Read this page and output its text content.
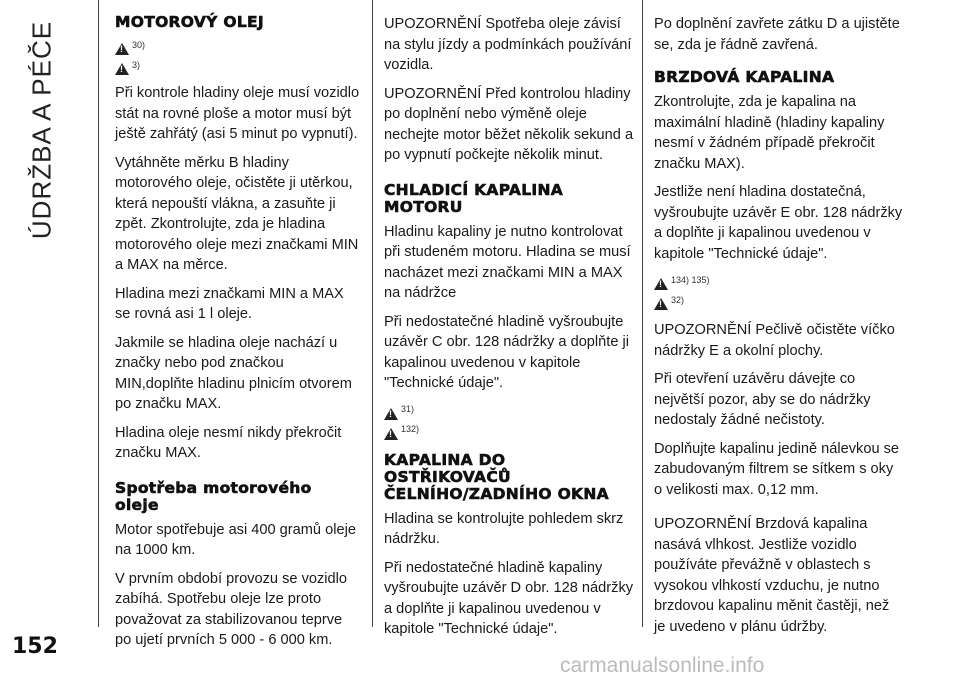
ÚDRŽBA A PÉČE	MOTOROVÝ OLEJ
!
30)
!
3)

Při kontrole hladiny oleje musí vozidlo stát na rovné ploše a motor musí být ještě zahřátý (asi 5 minut po vypnutí).

Vytáhněte měrku B hladiny motorového oleje, očistěte ji utěrkou, která nepouští vlákna, a zasuňte ji zpět. Zkontrolujte, zda je hladina motorového oleje mezi značkami MIN a MAX na měrce.

Hladina mezi značkami MIN a MAX se rovná asi 1 l oleje.

Jakmile se hladina oleje nachází u značky nebo pod značkou MIN,doplňte hladinu plnicím otvorem po značku MAX.

Hladina oleje nesmí nikdy překročit značku MAX.

Spotřeba motorového oleje

Motor spotřebuje asi 400 gramů oleje na 1000 km.

V prvním období provozu se vozidlo zabíhá. Spotřebu oleje lze proto považovat za stabilizovanou teprve po ujetí prvních 5 000 - 6 000 km.

UPOZORNĚNÍ Spotřeba oleje závisí na stylu jízdy a podmínkách používání vozidla.

UPOZORNĚNÍ Před kontrolou hladiny po doplnění nebo výměně oleje nechejte motor běžet několik sekund a po vypnutí počkejte několik minut.

CHLADICÍ KAPALINA MOTORU

Hladinu kapaliny je nutno kontrolovat při studeném motoru. Hladina se musí nacházet mezi značkami MIN a MAX na nádržce

Při nedostatečné hladině vyšroubujte uzávěr C obr. 128 nádržky a doplňte ji kapalinou uvedenou v kapitole "Technické údaje".

!
31)
!
132)
KAPALINA DO OSTŘIKOVAČŮ ČELNÍHO/ZADNÍHO OKNA

Hladina se kontrolujte pohledem skrz nádržku.

Při nedostatečné hladině kapaliny vyšroubujte uzávěr D obr. 128 nádržky a doplňte ji kapalinou uvedenou v kapitole "Technické údaje".

Po doplnění zavřete zátku D a ujistěte se, zda je řádně zavřená.

BRZDOVÁ KAPALINA

Zkontrolujte, zda je kapalina na maximální hladině (hladiny kapaliny nesmí v žádném případě překročit značku MAX).

Jestliže není hladina dostatečná, vyšroubujte uzávěr E obr. 128 nádržky a doplňte ji kapalinou uvedenou v kapitole "Technické údaje".

!
134) 135)
!
32)

UPOZORNĚNÍ Pečlivě očistěte víčko nádržky E a okolní plochy.

Při otevření uzávěru dávejte co největší pozor, aby se do nádržky nedostaly žádné nečistoty.

Doplňujte kapalinu jedině nálevkou se zabudovaným filtrem se sítkem s oky o velikosti max. 0,12 mm.

UPOZORNĚNÍ Brzdová kapalina nasává vlhkost. Jestliže vozidlo používáte převážně v oblastech s vysokou vlhkostí vzduchu, je nutno brzdovou kapalinu měnit častěji, než je uvedeno v plánu údržby.

152
carmanualsonline.info
